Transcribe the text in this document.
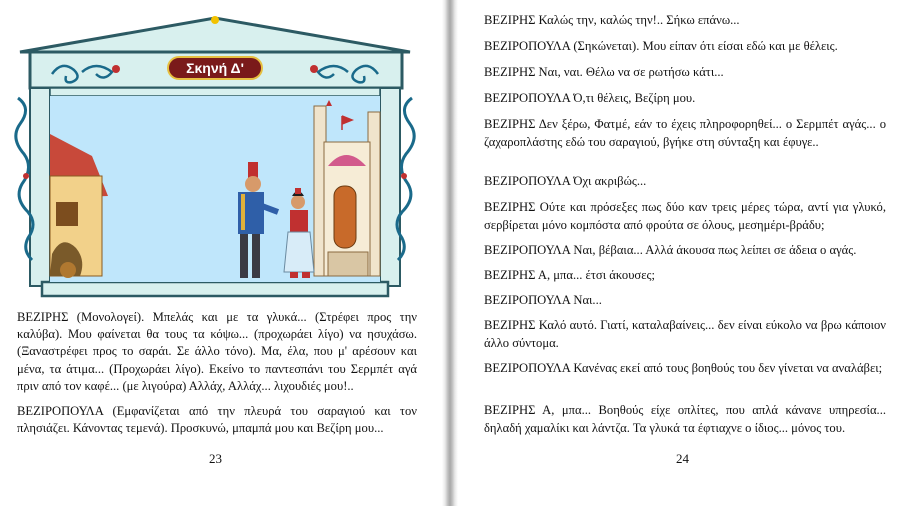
Σκηνή Δ'

ΒΕΖΙΡΗΣ (Μονολογεί). Μπελάς και με τα γλυκά... (Στρέφει προς την καλύβα). Μου φαίνεται θα τους τα κόψω... (προχωράει λίγο) να ησυχάσω. (Ξαναστρέφει προς το σαράι. Σε άλλο τόνο). Μα, έλα, που μ' αρέσουν και μένα, τα άτιμα... (Προχωράει λίγο). Εκείνο το παντεσπάνι του Σερμπέτ αγά πριν από τον καφέ... (με λιγούρα) Αλλάχ, Αλλάχ... λιχουδιές μου!..

ΒΕΖΙΡΟΠΟΥΛΑ (Εμφανίζεται από την πλευρά του σαραγιού και τον πλησιάζει. Κάνοντας τεμενά). Προσκυνώ, μπαμπά μου και Βεζίρη μου...

23
ΒΕΖΙΡΗΣ Καλώς την, καλώς την!.. Σήκω επάνω...
ΒΕΖΙΡΟΠΟΥΛΑ (Σηκώνεται). Μου είπαν ότι είσαι εδώ και με θέλεις.
ΒΕΖΙΡΗΣ Ναι, ναι. Θέλω να σε ρωτήσω κάτι...
ΒΕΖΙΡΟΠΟΥΛΑ Ό,τι θέλεις, Βεζίρη μου.
ΒΕΖΙΡΗΣ Δεν ξέρω, Φατμέ, εάν το έχεις πληροφορηθεί... ο Σερμπέτ αγάς... ο ζαχαροπλάστης εδώ του σαραγιού, βγήκε στη σύνταξη και έφυγε..
ΒΕΖΙΡΟΠΟΥΛΑ Όχι ακριβώς...
ΒΕΖΙΡΗΣ Ούτε και πρόσεξες πως δύο καν τρεις μέρες τώρα, αντί για γλυκό, σερβίρεται μόνο κομπόστα από φρούτα σε όλους, μεσημέρι-βράδυ;
ΒΕΖΙΡΟΠΟΥΛΑ Ναι, βέβαια... Αλλά άκουσα πως λείπει σε άδεια ο αγάς.
ΒΕΖΙΡΗΣ Α, μπα... έτσι άκουσες;
ΒΕΖΙΡΟΠΟΥΛΑ Ναι...
ΒΕΖΙΡΗΣ Καλό αυτό. Γιατί, καταλαβαίνεις... δεν είναι εύκολο να βρω κάποιον άλλο σύντομα.
ΒΕΖΙΡΟΠΟΥΛΑ Κανένας εκεί από τους βοηθούς του δεν γίνεται να αναλάβει;
ΒΕΖΙΡΗΣ Α, μπα... Βοηθούς είχε οπλίτες, που απλά κάνανε υπηρεσία... δηλαδή χαμαλίκι και λάντζα. Τα γλυκά τα έφτιαχνε ο ίδιος... μόνος του.
24
